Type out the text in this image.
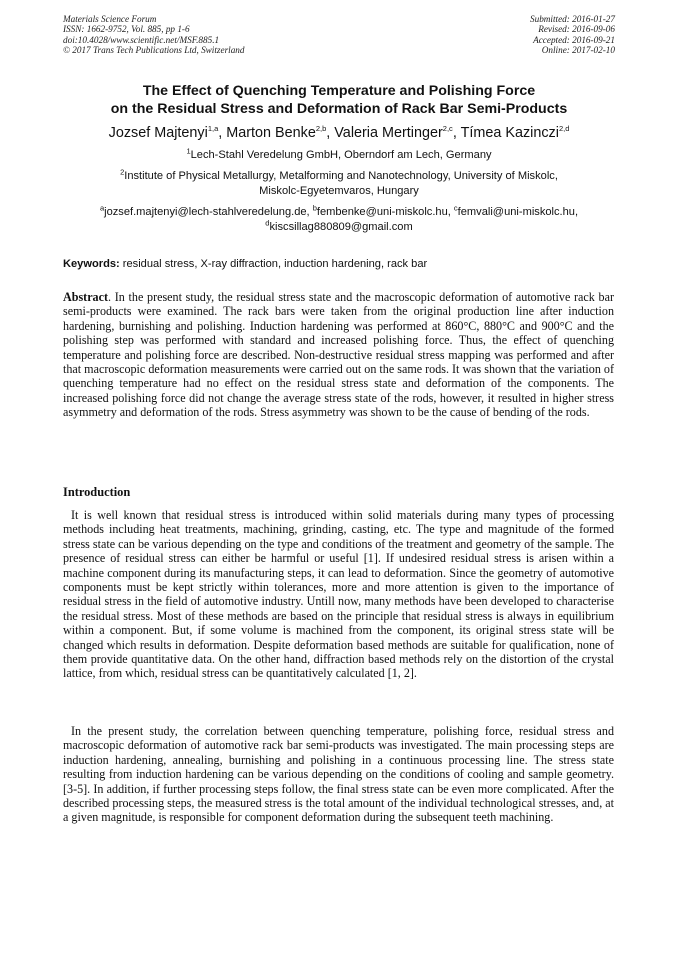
Materials Science Forum
ISSN: 1662-9752, Vol. 885, pp 1-6
doi:10.4028/www.scientific.net/MSF.885.1
© 2017 Trans Tech Publications Ltd, Switzerland
Submitted: 2016-01-27
Revised: 2016-09-06
Accepted: 2016-09-21
Online: 2017-02-10
The Effect of Quenching Temperature and Polishing Force
on the Residual Stress and Deformation of Rack Bar Semi-Products
Jozsef Majtenyi$^{1,a}$, Marton Benke$^{2,b}$, Valeria Mertinger$^{2,c}$, Tímea Kazinczi$^{2,d}$
$^1$Lech-Stahl Veredelung GmbH, Oberndorf am Lech, Germany
$^2$Institute of Physical Metallurgy, Metalforming and Nanotechnology, University of Miskolc,
Miskolc-Egyetemvaros, Hungary
$^a$jozsef.majtenyi@lech-stahlveredelung.de, $^b$fembenke@uni-miskolc.hu, $^c$femvali@uni-miskolc.hu,
$^d$kiscsillag880809@gmail.com
Keywords: residual stress, X-ray diffraction, induction hardening, rack bar
Abstract. In the present study, the residual stress state and the macroscopic deformation of automotive rack bar semi-products were examined. The rack bars were taken from the original production line after induction hardening, burnishing and polishing. Induction hardening was performed at 860°C, 880°C and 900°C and the polishing step was performed with standard and increased polishing force. Thus, the effect of quenching temperature and polishing force are described. Non-destructive residual stress mapping was performed and after that macroscopic deformation measurements were carried out on the same rods. It was shown that the variation of quenching temperature had no effect on the residual stress state and deformation of the components. The increased polishing force did not change the average stress state of the rods, however, it resulted in higher stress asymmetry and deformation of the rods. Stress asymmetry was shown to be the cause of bending of the rods.
Introduction

It is well known that residual stress is introduced within solid materials during many types of processing methods including heat treatments, machining, grinding, casting, etc. The type and magnitude of the formed stress state can be various depending on the type and conditions of the treatment and geometry of the sample. The presence of residual stress can either be harmful or useful [1]. If undesired residual stress is arisen within a machine component during its manufacturing steps, it can lead to deformation. Since the geometry of automotive components must be kept strictly within tolerances, more and more attention is given to the importance of residual stress in the field of automotive industry. Untill now, many methods have been developed to characterise the residual stress. Most of these methods are based on the principle that residual stress is always in equilibrium within a component. But, if some volume is machined from the component, its original stress state will be changed which results in deformation. Despite deformation based methods are suitable for qualification, none of them provide quantitative data. On the other hand, diffraction based methods rely on the distortion of the crystal lattice, from which, residual stress can be quantitatively calculated [1, 2].

In the present study, the correlation between quenching temperature, polishing force, residual stress and macroscopic deformation of automotive rack bar semi-products was investigated. The main processing steps are induction hardening, annealing, burnishing and polishing in a continuous processing line. The stress state resulting from induction hardening can be various depending on the conditions of cooling and sample geometry. [3-5]. In addition, if further processing steps follow, the final stress state can be even more complicated. After the described processing steps, the measured stress is the total amount of the individual technological stresses, and, at a given magnitude, is responsible for component deformation during the subsequent teeth machining.
